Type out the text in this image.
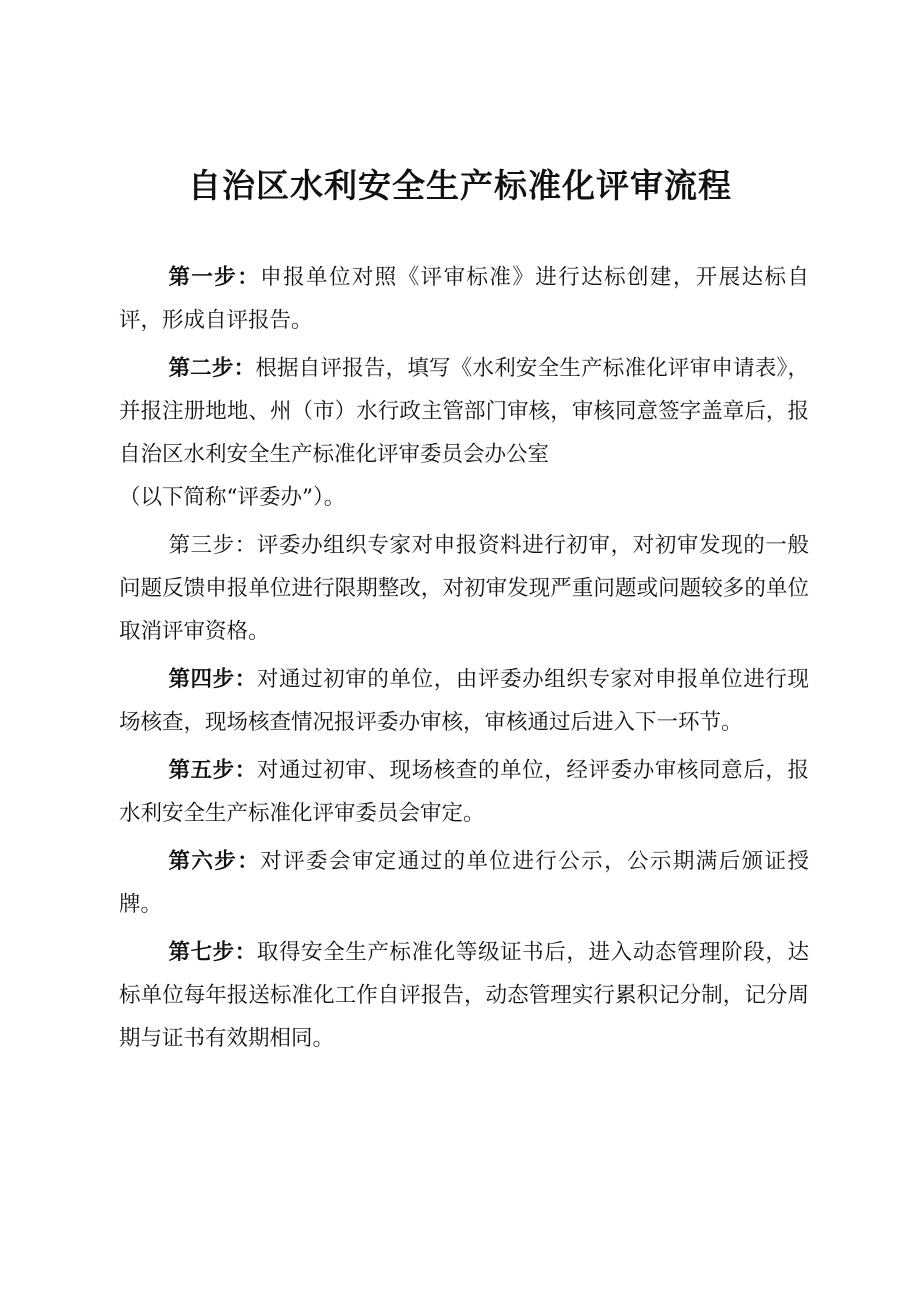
自治区水利安全生产标准化评审流程

第一步：申报单位对照《评审标准》进行达标创建，开展达标自评，形成自评报告。

第二步：根据自评报告，填写《水利安全生产标准化评审申请表》，并报注册地地、州（市）水行政主管部门审核，审核同意签字盖章后，报自治区水利安全生产标准化评审委员会办公室
（以下简称“评委办”）。

第三步：评委办组织专家对申报资料进行初审，对初审发现的一般问题反馈申报单位进行限期整改，对初审发现严重问题或问题较多的单位取消评审资格。

第四步：对通过初审的单位，由评委办组织专家对申报单位进行现场核查，现场核查情况报评委办审核，审核通过后进入下一环节。

第五步：对通过初审、现场核查的单位，经评委办审核同意后，报水利安全生产标准化评审委员会审定。

第六步：对评委会审定通过的单位进行公示，公示期满后颁证授牌。

第七步：取得安全生产标准化等级证书后，进入动态管理阶段，达标单位每年报送标准化工作自评报告，动态管理实行累积记分制，记分周期与证书有效期相同。
